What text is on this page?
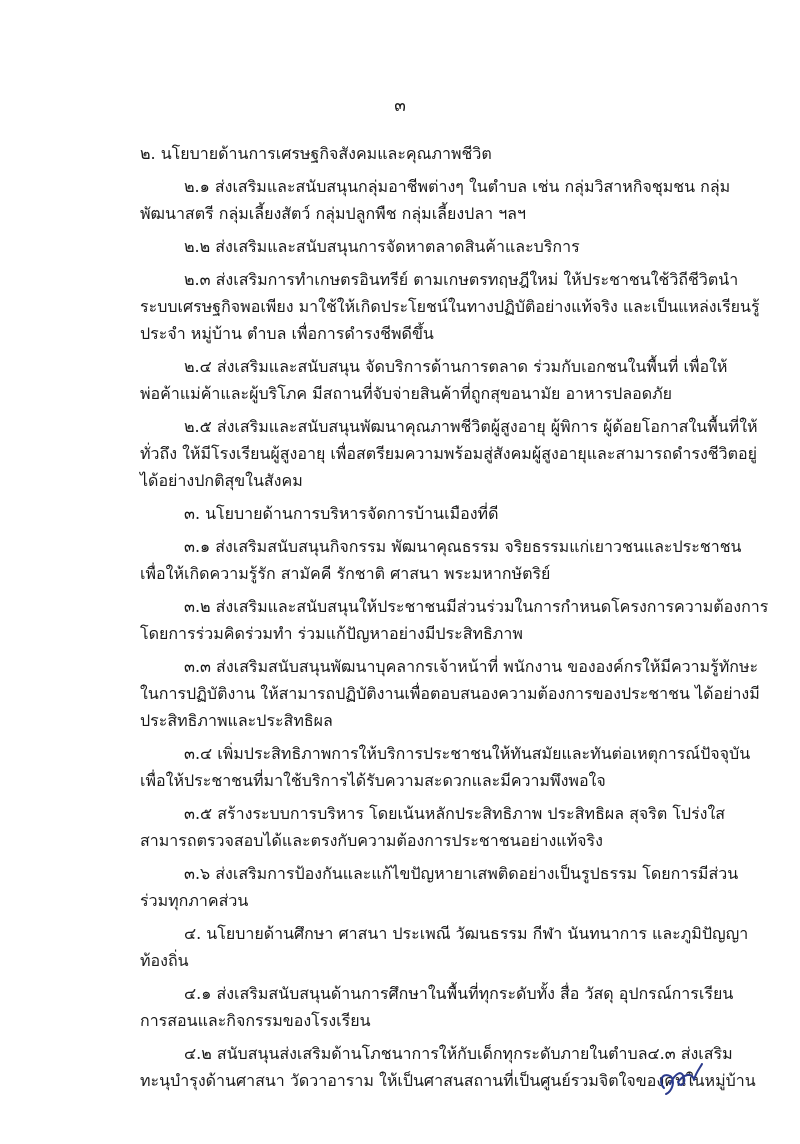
๓
๒. นโยบายด้านการเศรษฐกิจสังคมและคุณภาพชีวิต
๒.๑ ส่งเสริมและสนับสนุนกลุ่มอาชีพต่างๆ ในตำบล เช่น กลุ่มวิสาหกิจชุมชน กลุ่ม
พัฒนาสตรี กลุ่มเลี้ยงสัตว์ กลุ่มปลูกพืช กลุ่มเลี้ยงปลา ฯลฯ
๒.๒ ส่งเสริมและสนับสนุนการจัดหาตลาดสินค้าและบริการ
๒.๓ ส่งเสริมการทำเกษตรอินทรีย์ ตามเกษตรทฤษฎีใหม่ ให้ประชาชนใช้วิถีชีวิตนำ
ระบบเศรษฐกิจพอเพียง มาใช้ให้เกิดประโยชน์ในทางปฏิบัติอย่างแท้จริง และเป็นแหล่งเรียนรู้
ประจำ หมู่บ้าน ตำบล เพื่อการดำรงชีพดีขึ้น
๒.๔ ส่งเสริมและสนับสนุน จัดบริการด้านการตลาด ร่วมกับเอกชนในพื้นที่ เพื่อให้
พ่อค้าแม่ค้าและผู้บริโภค มีสถานที่จับจ่ายสินค้าที่ถูกสุขอนามัย อาหารปลอดภัย
๒.๕ ส่งเสริมและสนับสนุนพัฒนาคุณภาพชีวิตผู้สูงอายุ ผู้พิการ ผู้ด้อยโอกาสในพื้นที่ให้
ทั่วถึง ให้มีโรงเรียนผู้สูงอายุ เพื่อสตรียมความพร้อมสู่สังคมผู้สูงอายุและสามารถดำรงชีวิตอยู่
ได้อย่างปกติสุขในสังคม
๓. นโยบายด้านการบริหารจัดการบ้านเมืองที่ดี
๓.๑ ส่งเสริมสนับสนุนกิจกรรม พัฒนาคุณธรรม จริยธรรมแก่เยาวชนและประชาชน
เพื่อให้เกิดความรู้รัก สามัคคี รักชาติ ศาสนา พระมหากษัตริย์
๓.๒ ส่งเสริมและสนับสนุนให้ประชาชนมีส่วนร่วมในการกำหนดโครงการความต้องการ
โดยการร่วมคิดร่วมทำ ร่วมแก้ปัญหาอย่างมีประสิทธิภาพ
๓.๓ ส่งเสริมสนับสนุนพัฒนาบุคลากรเจ้าหน้าที่ พนักงาน ขององค์กรให้มีความรู้ทักษะ
ในการปฏิบัติงาน ให้สามารถปฏิบัติงานเพื่อตอบสนองความต้องการของประชาชน ได้อย่างมี
ประสิทธิภาพและประสิทธิผล
๓.๔ เพิ่มประสิทธิภาพการให้บริการประชาชนให้ทันสมัยและทันต่อเหตุการณ์ปัจจุบัน
เพื่อให้ประชาชนที่มาใช้บริการได้รับความสะดวกและมีความพึงพอใจ
๓.๕ สร้างระบบการบริหาร โดยเน้นหลักประสิทธิภาพ ประสิทธิผล สุจริต โปร่งใส
สามารถตรวจสอบได้และตรงกับความต้องการประชาชนอย่างแท้จริง
๓.๖ ส่งเสริมการป้องกันและแก้ไขปัญหายาเสพติดอย่างเป็นรูปธรรม โดยการมีส่วน
ร่วมทุกภาคส่วน
๔. นโยบายด้านศึกษา ศาสนา ประเพณี วัฒนธรรม กีฬา นันทนาการ และภูมิปัญญา
ท้องถิ่น
๔.๑ ส่งเสริมสนับสนุนด้านการศึกษาในพื้นที่ทุกระดับทั้ง สื่อ วัสดุ อุปกรณ์การเรียน
การสอนและกิจกรรมของโรงเรียน
๔.๒ สนับสนุนส่งเสริมด้านโภชนาการให้กับเด็กทุกระดับภายในตำบล๔.๓ ส่งเสริม
ทะนุบำรุงด้านศาสนา วัดวาอาราม ให้เป็นศาสนสถานที่เป็นศูนย์รวมจิตใจของคนในหมู่บ้าน
